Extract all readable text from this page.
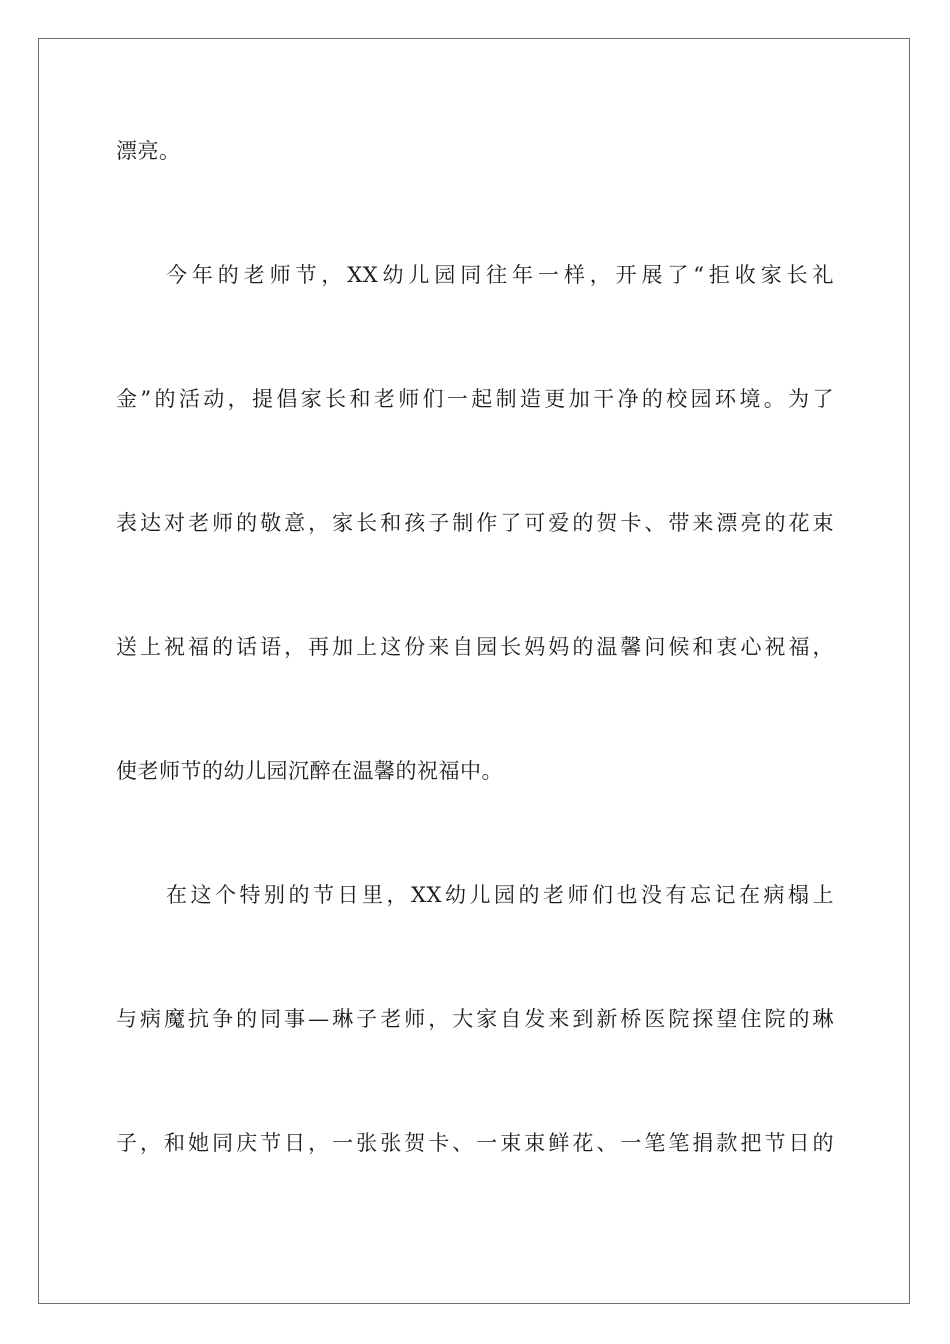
漂亮。
今年的老师节，XX幼儿园同往年一样，开展了“拒收家长礼
金”的活动，提倡家长和老师们一起制造更加干净的校园环境。为了
表达对老师的敬意，家长和孩子制作了可爱的贺卡、带来漂亮的花束
送上祝福的话语，再加上这份来自园长妈妈的温馨问候和衷心祝福，
使老师节的幼儿园沉醉在温馨的祝福中。
在这个特别的节日里，XX幼儿园的老师们也没有忘记在病榻上
与病魔抗争的同事—琳子老师，大家自发来到新桥医院探望住院的琳
子，和她同庆节日，一张张贺卡、一束束鲜花、一笔笔捐款把节日的
